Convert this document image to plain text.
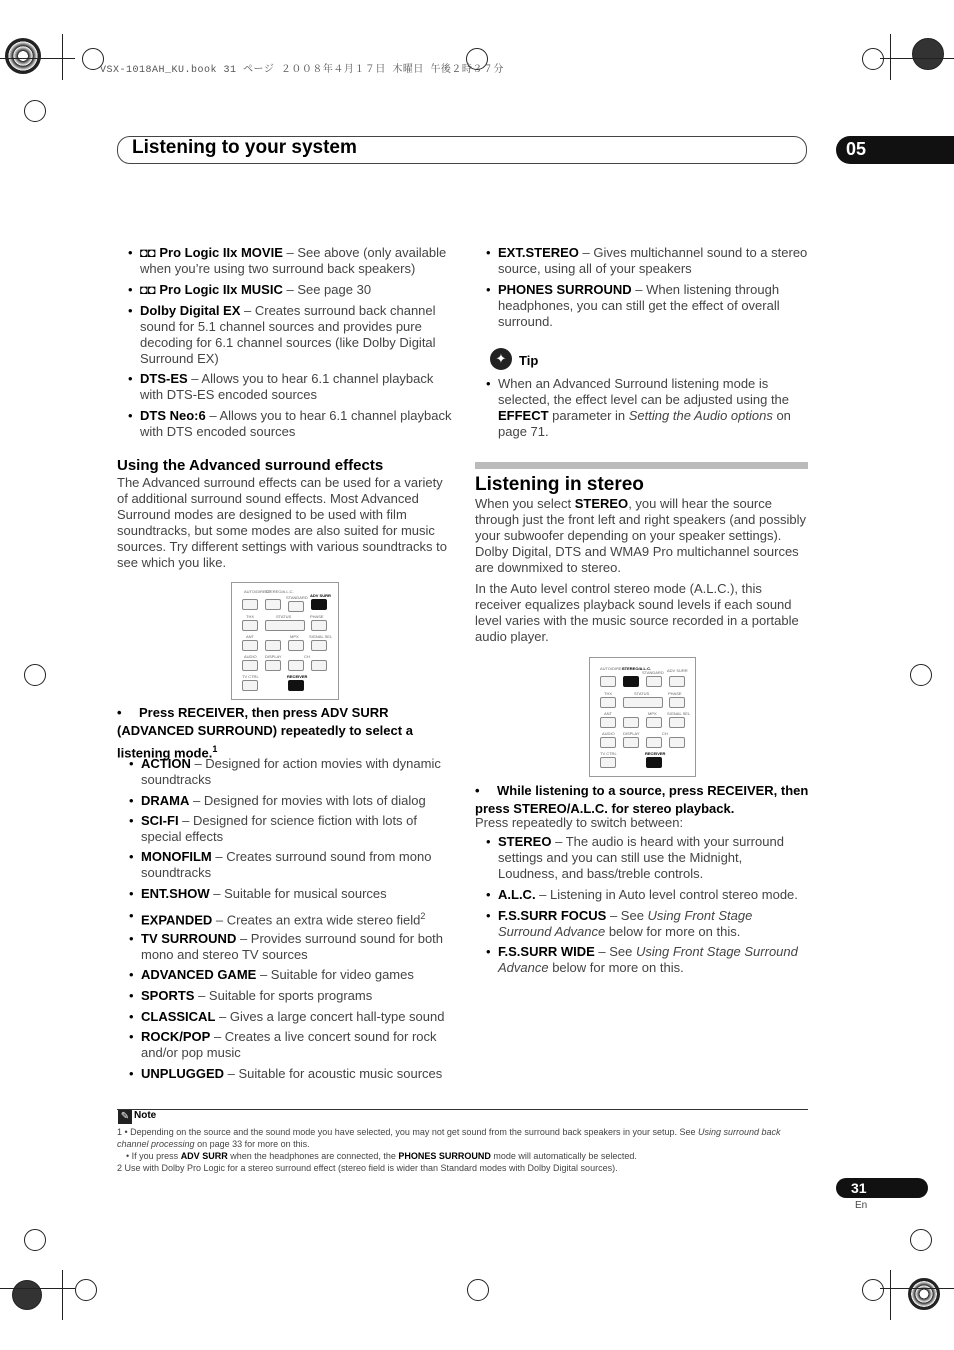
VSX-1018AH_KU.book 31 ページ ２００８年４月１７日 木曜日 午後２時３７分
Listening to your system	05
• ◘◘ Pro Logic IIx MOVIE – See above (only available when you’re using two surround back speakers)
• ◘◘ Pro Logic IIx MUSIC – See page 30
• Dolby Digital EX – Creates surround back channel sound for 5.1 channel sources and provides pure decoding for 6.1 channel sources (like Dolby Digital Surround EX)
• DTS-ES – Allows you to hear 6.1 channel playback with DTS-ES encoded sources
• DTS Neo:6 – Allows you to hear 6.1 channel playback with DTS encoded sources
Using the Advanced surround effects
The Advanced surround effects can be used for a variety of additional surround sound effects. Most Advanced Surround modes are designed to be used with film soundtracks, but some modes are also suited for music sources. Try different settings with various soundtracks to see which you like.
AUTO/DIRECT
STEREO/A.L.C.
STANDARD ADV SURR
THX	STATUS	PHASE
ANT	MPX	SIGNAL SEL
AUDIO DISPLAY	CH
TV CTRL	RECEIVER
• Press RECEIVER, then press ADV SURR (ADVANCED SURROUND) repeatedly to select a listening mode.$^1$
• ACTION – Designed for action movies with dynamic soundtracks
• DRAMA – Designed for movies with lots of dialog
• SCI-FI – Designed for science fiction with lots of special effects
• MONOFILM – Creates surround sound from mono soundtracks
• ENT.SHOW – Suitable for musical sources
• EXPANDED – Creates an extra wide stereo field$^2$
• TV SURROUND – Provides surround sound for both mono and stereo TV sources
• ADVANCED GAME – Suitable for video games
• SPORTS – Suitable for sports programs
• CLASSICAL – Gives a large concert hall-type sound
• ROCK/POP – Creates a live concert sound for rock and/or pop music
• UNPLUGGED – Suitable for acoustic music sources
• EXT.STEREO – Gives multichannel sound to a stereo source, using all of your speakers
• PHONES SURROUND – When listening through headphones, you can still get the effect of overall surround.
✦ Tip
• When an Advanced Surround listening mode is selected, the effect level can be adjusted using the EFFECT parameter in Setting the Audio options on page 71.
Listening in stereo
When you select STEREO, you will hear the source through just the front left and right speakers (and possibly your subwoofer depending on your speaker settings). Dolby Digital, DTS and WMA9 Pro multichannel sources are downmixed to stereo.
In the Auto level control stereo mode (A.L.C.), this receiver equalizes playback sound levels if each sound level varies with the music source recorded in a portable audio player.
AUTO/DIRECT
STEREO/A.L.C.
STANDARD ADV SURR
THX	STATUS	PHASE
ANT	MPX	SIGNAL SEL
AUDIO DISPLAY	CH
TV CTRL	RECEIVER
• While listening to a source, press RECEIVER, then press STEREO/A.L.C. for stereo playback.
Press repeatedly to switch between:
• STEREO – The audio is heard with your surround settings and you can still use the Midnight, Loudness, and bass/treble controls.
• A.L.C. – Listening in Auto level control stereo mode.
• F.S.SURR FOCUS – See Using Front Stage Surround Advance below for more on this.
• F.S.SURR WIDE – See Using Front Stage Surround Advance below for more on this.
✎ Note
1 • Depending on the source and the sound mode you have selected, you may not get sound from the surround back speakers in your setup. See Using surround back channel processing on page 33 for more on this.
• If you press ADV SURR when the headphones are connected, the PHONES SURROUND mode will automatically be selected.
2 Use with Dolby Pro Logic for a stereo surround effect (stereo field is wider than Standard modes with Dolby Digital sources).
31
En
